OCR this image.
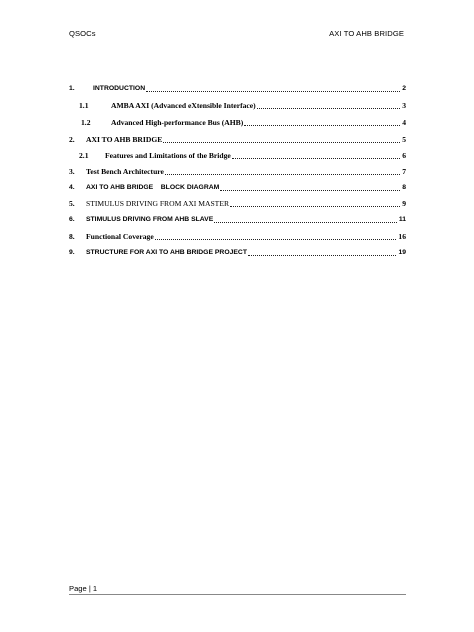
QSOCs	AXI TO AHB BRIDGE
1.	INTRODUCTION	2
1.1	AMBA AXI (Advanced eXtensible Interface)	3
1.2	Advanced High-performance Bus (AHB)	4
2. AXI TO AHB BRIDGE	5
2.1 Features and Limitations of the Bridge	6
3. Test Bench Architecture	7
4. AXI TO AHB BRIDGE    BLOCK DIAGRAM	8
5. STIMULUS DRIVING FROM AXI MASTER	9
6. STIMULUS DRIVING FROM AHB SLAVE	11
8. Functional Coverage	16
9. STRUCTURE FOR AXI TO AHB BRIDGE PROJECT	19
Page | 1
